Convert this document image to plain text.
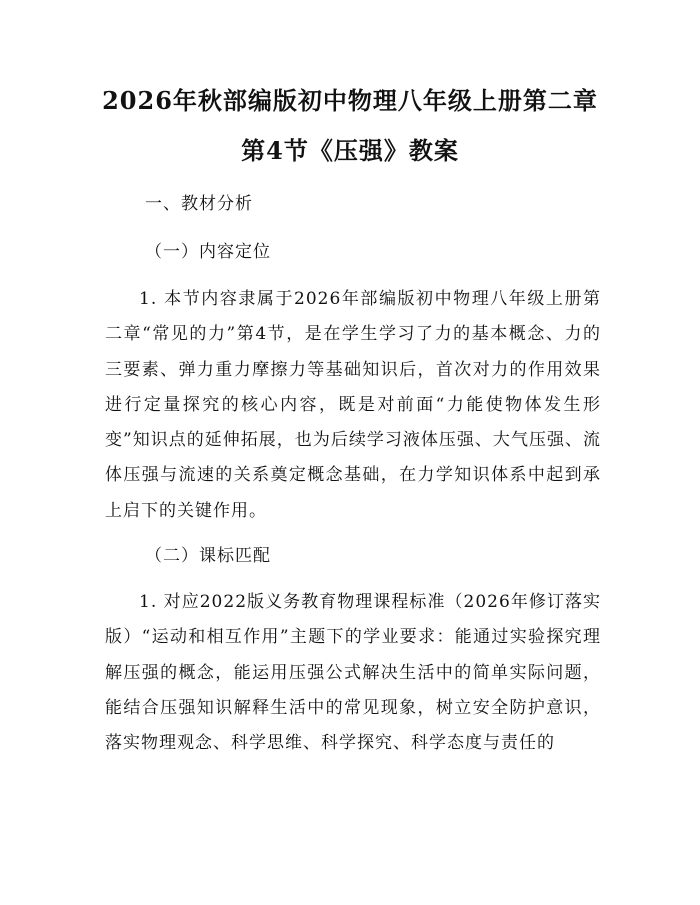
2026年秋部编版初中物理八年级上册第二章
第4节《压强》教案
一、教材分析
（一）内容定位

1. 本节内容隶属于2026年部编版初中物理八年级上册第二章“常见的力”第4节，是在学生学习了力的基本概念、力的三要素、弹力重力摩擦力等基础知识后，首次对力的作用效果进行定量探究的核心内容，既是对前面“力能使物体发生形变”知识点的延伸拓展，也为后续学习液体压强、大气压强、流体压强与流速的关系奠定概念基础，在力学知识体系中起到承上启下的关键作用。

（二）课标匹配

1. 对应2022版义务教育物理课程标准（2026年修订落实版）“运动和相互作用”主题下的学业要求：能通过实验探究理解压强的概念，能运用压强公式解决生活中的简单实际问题，能结合压强知识解释生活中的常见现象，树立安全防护意识，落实物理观念、科学思维、科学探究、科学态度与责任的
